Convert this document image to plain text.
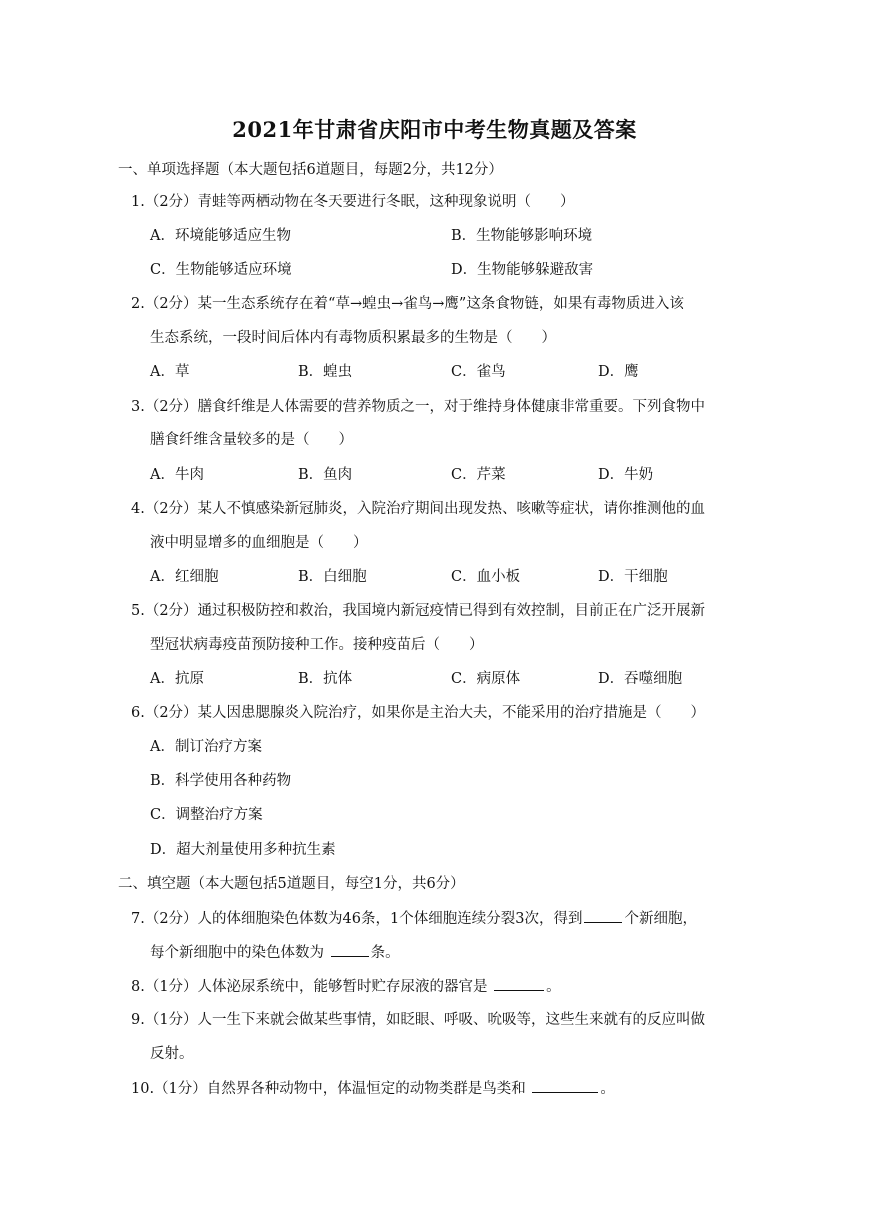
2021年甘肃省庆阳市中考生物真题及答案
一、单项选择题（本大题包括6道题目，每题2分，共12分）
1.（2分）青蛙等两栖动物在冬天要进行冬眠，这种现象说明（　　）
A．环境能够适应生物	B．生物能够影响环境
C．生物能够适应环境	D．生物能够躲避敌害
2.（2分）某一生态系统存在着“草→蝗虫→雀鸟→鹰”这条食物链，如果有毒物质进入该
生态系统，一段时间后体内有毒物质积累最多的生物是（　　）
A．草	B．蝗虫	C．雀鸟	D．鹰
3.（2分）膳食纤维是人体需要的营养物质之一，对于维持身体健康非常重要。下列食物中
膳食纤维含量较多的是（　　）
A．牛肉	B．鱼肉	C．芹菜	D．牛奶
4.（2分）某人不慎感染新冠肺炎，入院治疗期间出现发热、咳嗽等症状，请你推测他的血
液中明显增多的血细胞是（　　）
A．红细胞	B．白细胞	C．血小板	D．干细胞
5.（2分）通过积极防控和救治，我国境内新冠疫情已得到有效控制，目前正在广泛开展新
型冠状病毒疫苗预防接种工作。接种疫苗后（　　）
A．抗原	B．抗体	C．病原体	D．吞噬细胞
6.（2分）某人因患腮腺炎入院治疗，如果你是主治大夫，不能采用的治疗措施是（　　）
A．制订治疗方案
B．科学使用各种药物
C．调整治疗方案
D．超大剂量使用多种抗生素
二、填空题（本大题包括5道题目，每空1分，共6分）
7.（2分）人的体细胞染色体数为46条，1个体细胞连续分裂3次，得到	个新细胞，
每个新细胞中的染色体数为	条。
8.（1分）人体泌尿系统中，能够暂时贮存尿液的器官是	。
9.（1分）人一生下来就会做某些事情，如眨眼、呼吸、吮吸等，这些生来就有的反应叫做
反射。
10.（1分）自然界各种动物中，体温恒定的动物类群是鸟类和	。
